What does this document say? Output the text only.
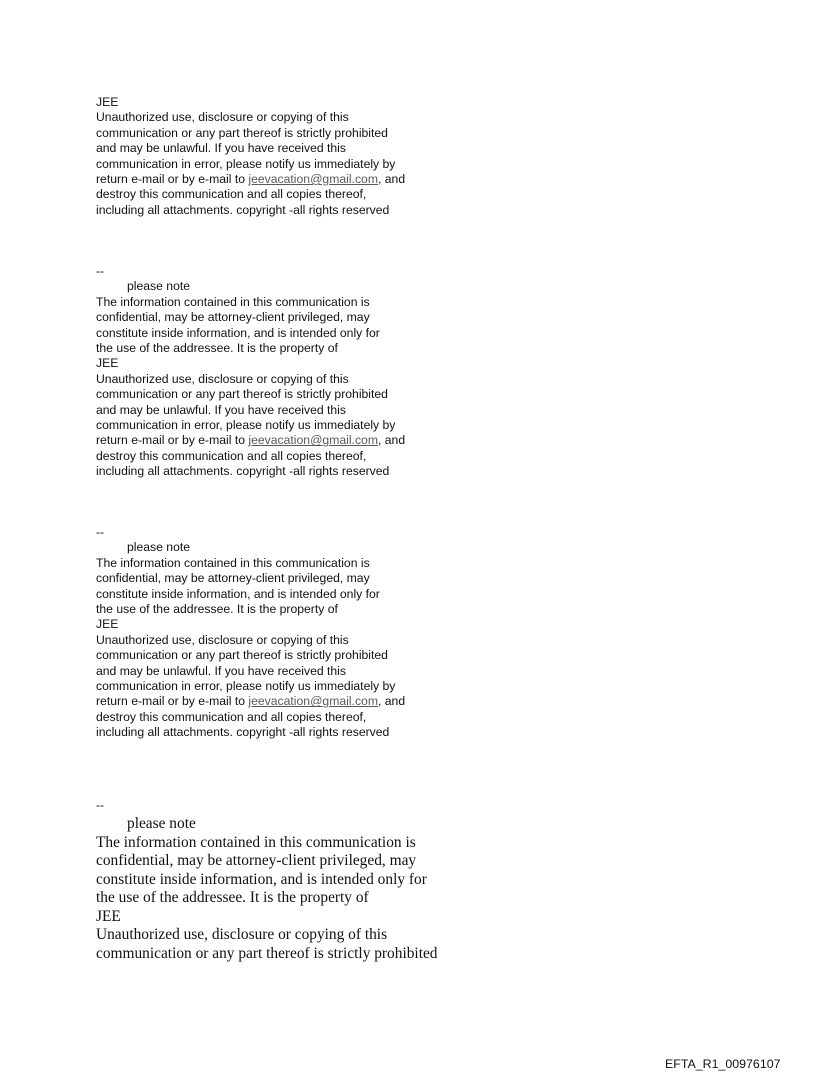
JEE
Unauthorized use, disclosure or copying of this
communication or any part thereof is strictly prohibited
and may be unlawful. If you have received this
communication in error, please notify us immediately by
return e-mail or by e-mail to jeevacation@gmail.com, and
destroy this communication and all copies thereof,
including all attachments. copyright -all rights reserved
--
please note
The information contained in this communication is
confidential, may be attorney-client privileged, may
constitute inside information, and is intended only for
the use of the addressee. It is the property of
JEE
Unauthorized use, disclosure or copying of this
communication or any part thereof is strictly prohibited
and may be unlawful. If you have received this
communication in error, please notify us immediately by
return e-mail or by e-mail to jeevacation@gmail.com, and
destroy this communication and all copies thereof,
including all attachments. copyright -all rights reserved
--
please note
The information contained in this communication is
confidential, may be attorney-client privileged, may
constitute inside information, and is intended only for
the use of the addressee. It is the property of
JEE
Unauthorized use, disclosure or copying of this
communication or any part thereof is strictly prohibited
and may be unlawful. If you have received this
communication in error, please notify us immediately by
return e-mail or by e-mail to jeevacation@gmail.com, and
destroy this communication and all copies thereof,
including all attachments. copyright -all rights reserved
--
please note
The information contained in this communication is
confidential, may be attorney-client privileged, may
constitute inside information, and is intended only for
the use of the addressee. It is the property of
JEE
Unauthorized use, disclosure or copying of this
communication or any part thereof is strictly prohibited
EFTA_R1_00976107
